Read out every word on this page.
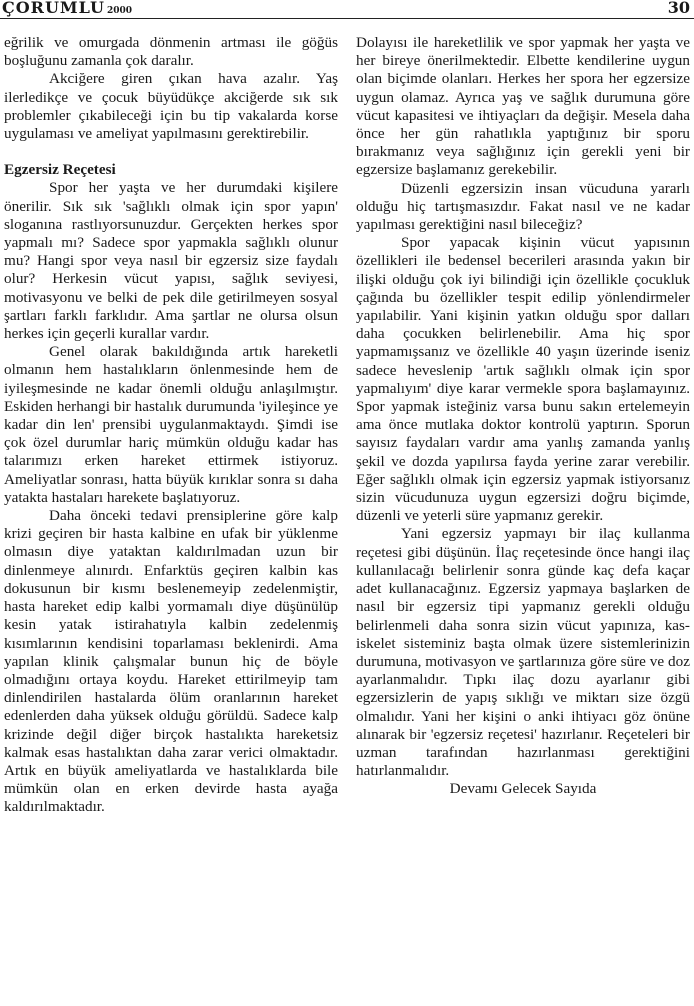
ÇORUMLU 2000	30

eğrilik ve omurgada dönmenin artması ile göğüs boşluğunu zamanla çok daralır.

Akciğere giren çıkan hava azalır. Yaş ilerledikçe ve çocuk büyüdükçe akciğerde sık sık problemler çıkabileceği için bu tip vakalarda korse uygulaması ve ameliyat yapılmasını gerektirebilir.

Egzersiz Reçetesi

Spor her yaşta ve her durumdaki kişilere önerilir. Sık sık 'sağlıklı olmak için spor yapın' sloganına rastlıyorsunuzdur. Gerçekten herkes spor yapmalı mı? Sadece spor yapmakla sağlıklı olunur mu? Hangi spor veya nasıl bir egzersiz size faydalı olur? Herkesin vücut yapısı, sağlık seviyesi, motivasyonu ve belki de pek dile getirilmeyen sosyal şartları farklı farklıdır. Ama şartlar ne olursa olsun herkes için geçerli kurallar vardır.

Genel olarak bakıldığında artık hareketli olmanın hem hastalıkların önlenmesinde hem de iyileşmesinde ne kadar önemli olduğu anlaşılmıştır. Eskiden herhangi bir hastalık durumunda 'iyileşince ye kadar din len' prensibi uygulanmaktaydı. Şimdi ise çok özel durumlar hariç mümkün olduğu kadar has talarımızı erken hareket ettirmek istiyoruz. Ameliyatlar sonrası, hatta büyük kırıklar sonra sı daha yatakta hastaları harekete başlatıyoruz.

Daha önceki tedavi prensiplerine göre kalp krizi geçiren bir hasta kalbine en ufak bir yüklenme olmasın diye yataktan kaldırılmadan uzun bir dinlenmeye alınırdı. Enfarktüs geçiren kalbin kas dokusunun bir kısmı beslenemeyip zedelenmiştir, hasta hareket edip kalbi yormamalı diye düşünülüp kesin yatak istirahatıyla kalbin zedelenmiş kısımlarının kendisini toparlaması beklenirdi. Ama yapılan klinik çalışmalar bunun hiç de böyle olmadığını ortaya koydu. Hareket ettirilmeyip tam dinlendirilen hastalarda ölüm oranlarının hareket edenlerden daha yüksek olduğu görüldü. Sadece kalp krizinde değil diğer birçok hastalıkta hareketsiz kalmak esas hastalıktan daha zarar verici olmaktadır. Artık en büyük ameliyatlarda ve hastalıklarda bile mümkün olan en erken devirde hasta ayağa kaldırılmaktadır.

Dolayısı ile hareketlilik ve spor yapmak her yaşta ve her bireye önerilmektedir. Elbette kendilerine uygun olan biçimde olanları. Herkes her spora her egzersize uygun olamaz. Ayrıca yaş ve sağlık durumuna göre vücut kapasitesi ve ihtiyaçları da değişir. Mesela daha önce her gün rahatlıkla yaptığınız bir sporu bırakmanız veya sağlığınız için gerekli yeni bir egzersize başlamanız gerekebilir.

Düzenli egzersizin insan vücuduna yararlı olduğu hiç tartışmasızdır. Fakat nasıl ve ne kadar yapılması gerektiğini nasıl bileceğiz?

Spor yapacak kişinin vücut yapısının özellikleri ile bedensel becerileri arasında yakın bir ilişki olduğu çok iyi bilindiği için özellikle çocukluk çağında bu özellikler tespit edilip yönlendirmeler yapılabilir. Yani kişinin yatkın olduğu spor dalları daha çocukken belirlenebilir. Ama hiç spor yapmamışsanız ve özellikle 40 yaşın üzerinde iseniz sadece heveslenip 'artık sağlıklı olmak için spor yapmalıyım' diye karar vermekle spora başlamayınız. Spor yapmak isteğiniz varsa bunu sakın ertelemeyin ama önce mutlaka doktor kontrolü yaptırın. Sporun sayısız faydaları vardır ama yanlış zamanda yanlış şekil ve dozda yapılırsa fayda yerine zarar verebilir. Eğer sağlıklı olmak için egzersiz yapmak istiyorsanız sizin vücudunuza uygun egzersizi doğru biçimde, düzenli ve yeterli süre yapmanız gerekir.

Yani egzersiz yapmayı bir ilaç kullanma reçetesi gibi düşünün. İlaç reçetesinde önce hangi ilaç kullanılacağı belirlenir sonra günde kaç defa kaçar adet kullanacağınız. Egzersiz yapmaya başlarken de nasıl bir egzersiz tipi yapmanız gerekli olduğu belirlenmeli daha sonra sizin vücut yapınıza, kas-iskelet sisteminiz başta olmak üzere sistemlerinizin durumuna, motivasyon ve şartlarınıza göre süre ve doz ayarlanmalıdır. Tıpkı ilaç dozu ayarlanır gibi egzersizlerin de yapış sıklığı ve miktarı size özgü olmalıdır. Yani her kişini o anki ihtiyacı göz önüne alınarak bir 'egzersiz reçetesi' hazırlanır. Reçeteleri bir uzman tarafından hazırlanması gerektiğini hatırlanmalıdır.

Devamı Gelecek Sayıda
